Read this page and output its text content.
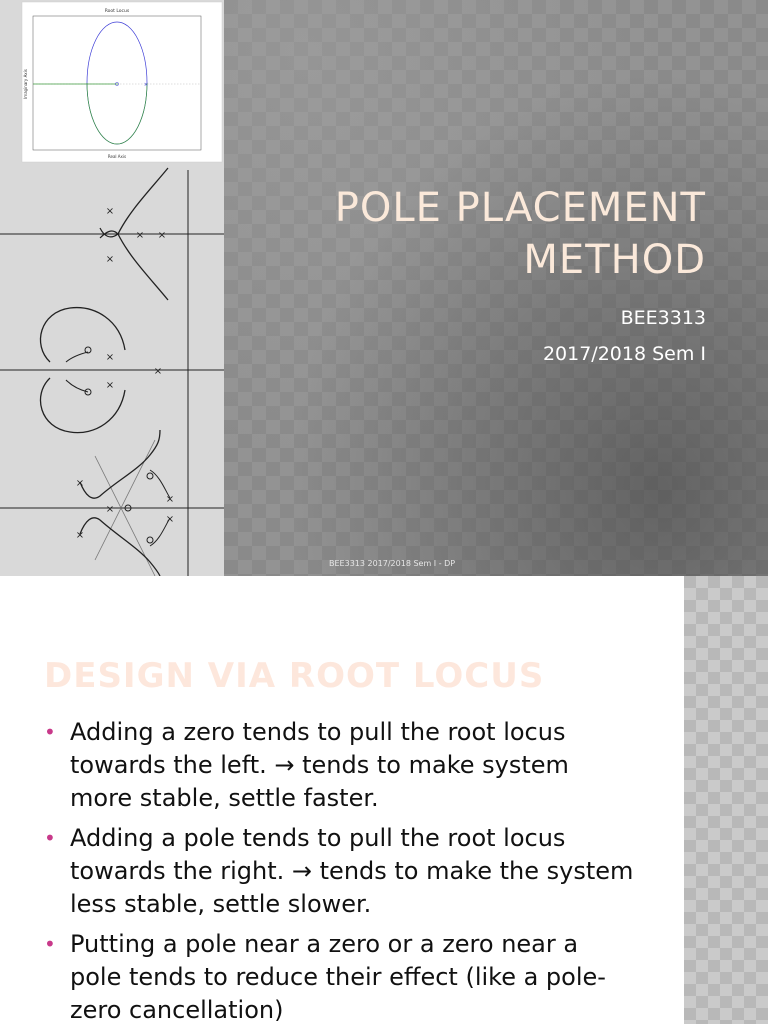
Root Locus
×
Real Axis
Imaginary Axis
×
×
× ×
×
×
×
×
×
×
×
×
POLE PLACEMENT
METHOD
BEE3313
2017/2018 Sem I
BEE3313 2017/2018 Sem I - DP
DESIGN VIA ROOT LOCUS
• Adding a zero tends to pull the root locus towards the left. → tends to make system more stable, settle faster.
• Adding a pole tends to pull the root locus towards the right. → tends to make the system less stable, settle slower.
• Putting a pole near a zero or a zero near a pole tends to reduce their effect (like a pole-zero cancellation)
